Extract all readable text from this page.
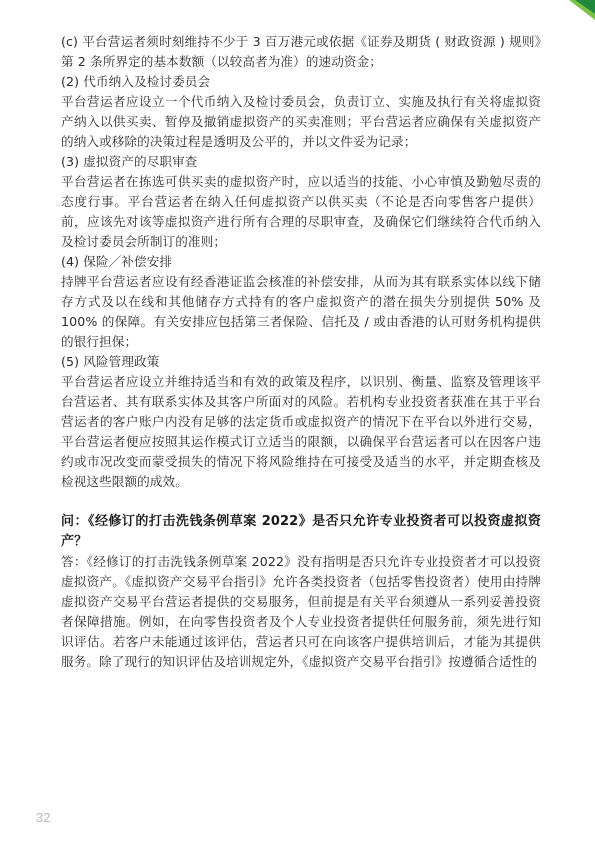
(c) 平台营运者须时刻维持不少于 3 百万港元或依据《证券及期货 ( 财政资源 ) 规则》第 2 条所界定的基本数额（以较高者为准）的速动资金；

(2) 代币纳入及检讨委员会

平台营运者应设立一个代币纳入及检讨委员会，负责订立、实施及执行有关将虚拟资产纳入以供买卖、暂停及撤销虚拟资产的买卖准则；平台营运者应确保有关虚拟资产的纳入或移除的决策过程是透明及公平的，并以文件妥为记录；

(3) 虚拟资产的尽职审查

平台营运者在拣选可供买卖的虚拟资产时，应以适当的技能、小心审慎及勤勉尽责的态度行事。平台营运者在纳入任何虚拟资产以供买卖（不论是否向零售客户提供）前，应该先对该等虚拟资产进行所有合理的尽职审查，及确保它们继续符合代币纳入及检讨委员会所制订的准则；

(4) 保险／补偿安排

持牌平台营运者应设有经香港证监会核准的补偿安排，从而为其有联系实体以线下储存方式及以在线和其他储存方式持有的客户虚拟资产的潜在损失分别提供 50% 及 100% 的保障。有关安排应包括第三者保险、信托及 / 或由香港的认可财务机构提供的银行担保；

(5) 风险管理政策

平台营运者应设立并维持适当和有效的政策及程序，以识别、衡量、监察及管理该平台营运者、其有联系实体及其客户所面对的风险。若机构专业投资者获准在其于平台营运者的客户账户内没有足够的法定货币或虚拟资产的情况下在平台以外进行交易，平台营运者便应按照其运作模式订立适当的限额，以确保平台营运者可以在因客户违约或市况改变而蒙受损失的情况下将风险维持在可接受及适当的水平，并定期查核及检视这些限额的成效。

问：《经修订的打击洗钱条例草案 2022》是否只允许专业投资者可以投资虚拟资产？

答：《经修订的打击洗钱条例草案 2022》没有指明是否只允许专业投资者才可以投资虚拟资产。《虚拟资产交易平台指引》允许各类投资者（包括零售投资者）使用由持牌虚拟资产交易平台营运者提供的交易服务，但前提是有关平台须遵从一系列妥善投资者保障措施。例如，在向零售投资者及个人专业投资者提供任何服务前，须先进行知识评估。若客户未能通过该评估，营运者只可在向该客户提供培训后，才能为其提供服务。除了现行的知识评估及培训规定外，《虚拟资产交易平台指引》按遵循合适性的

32
